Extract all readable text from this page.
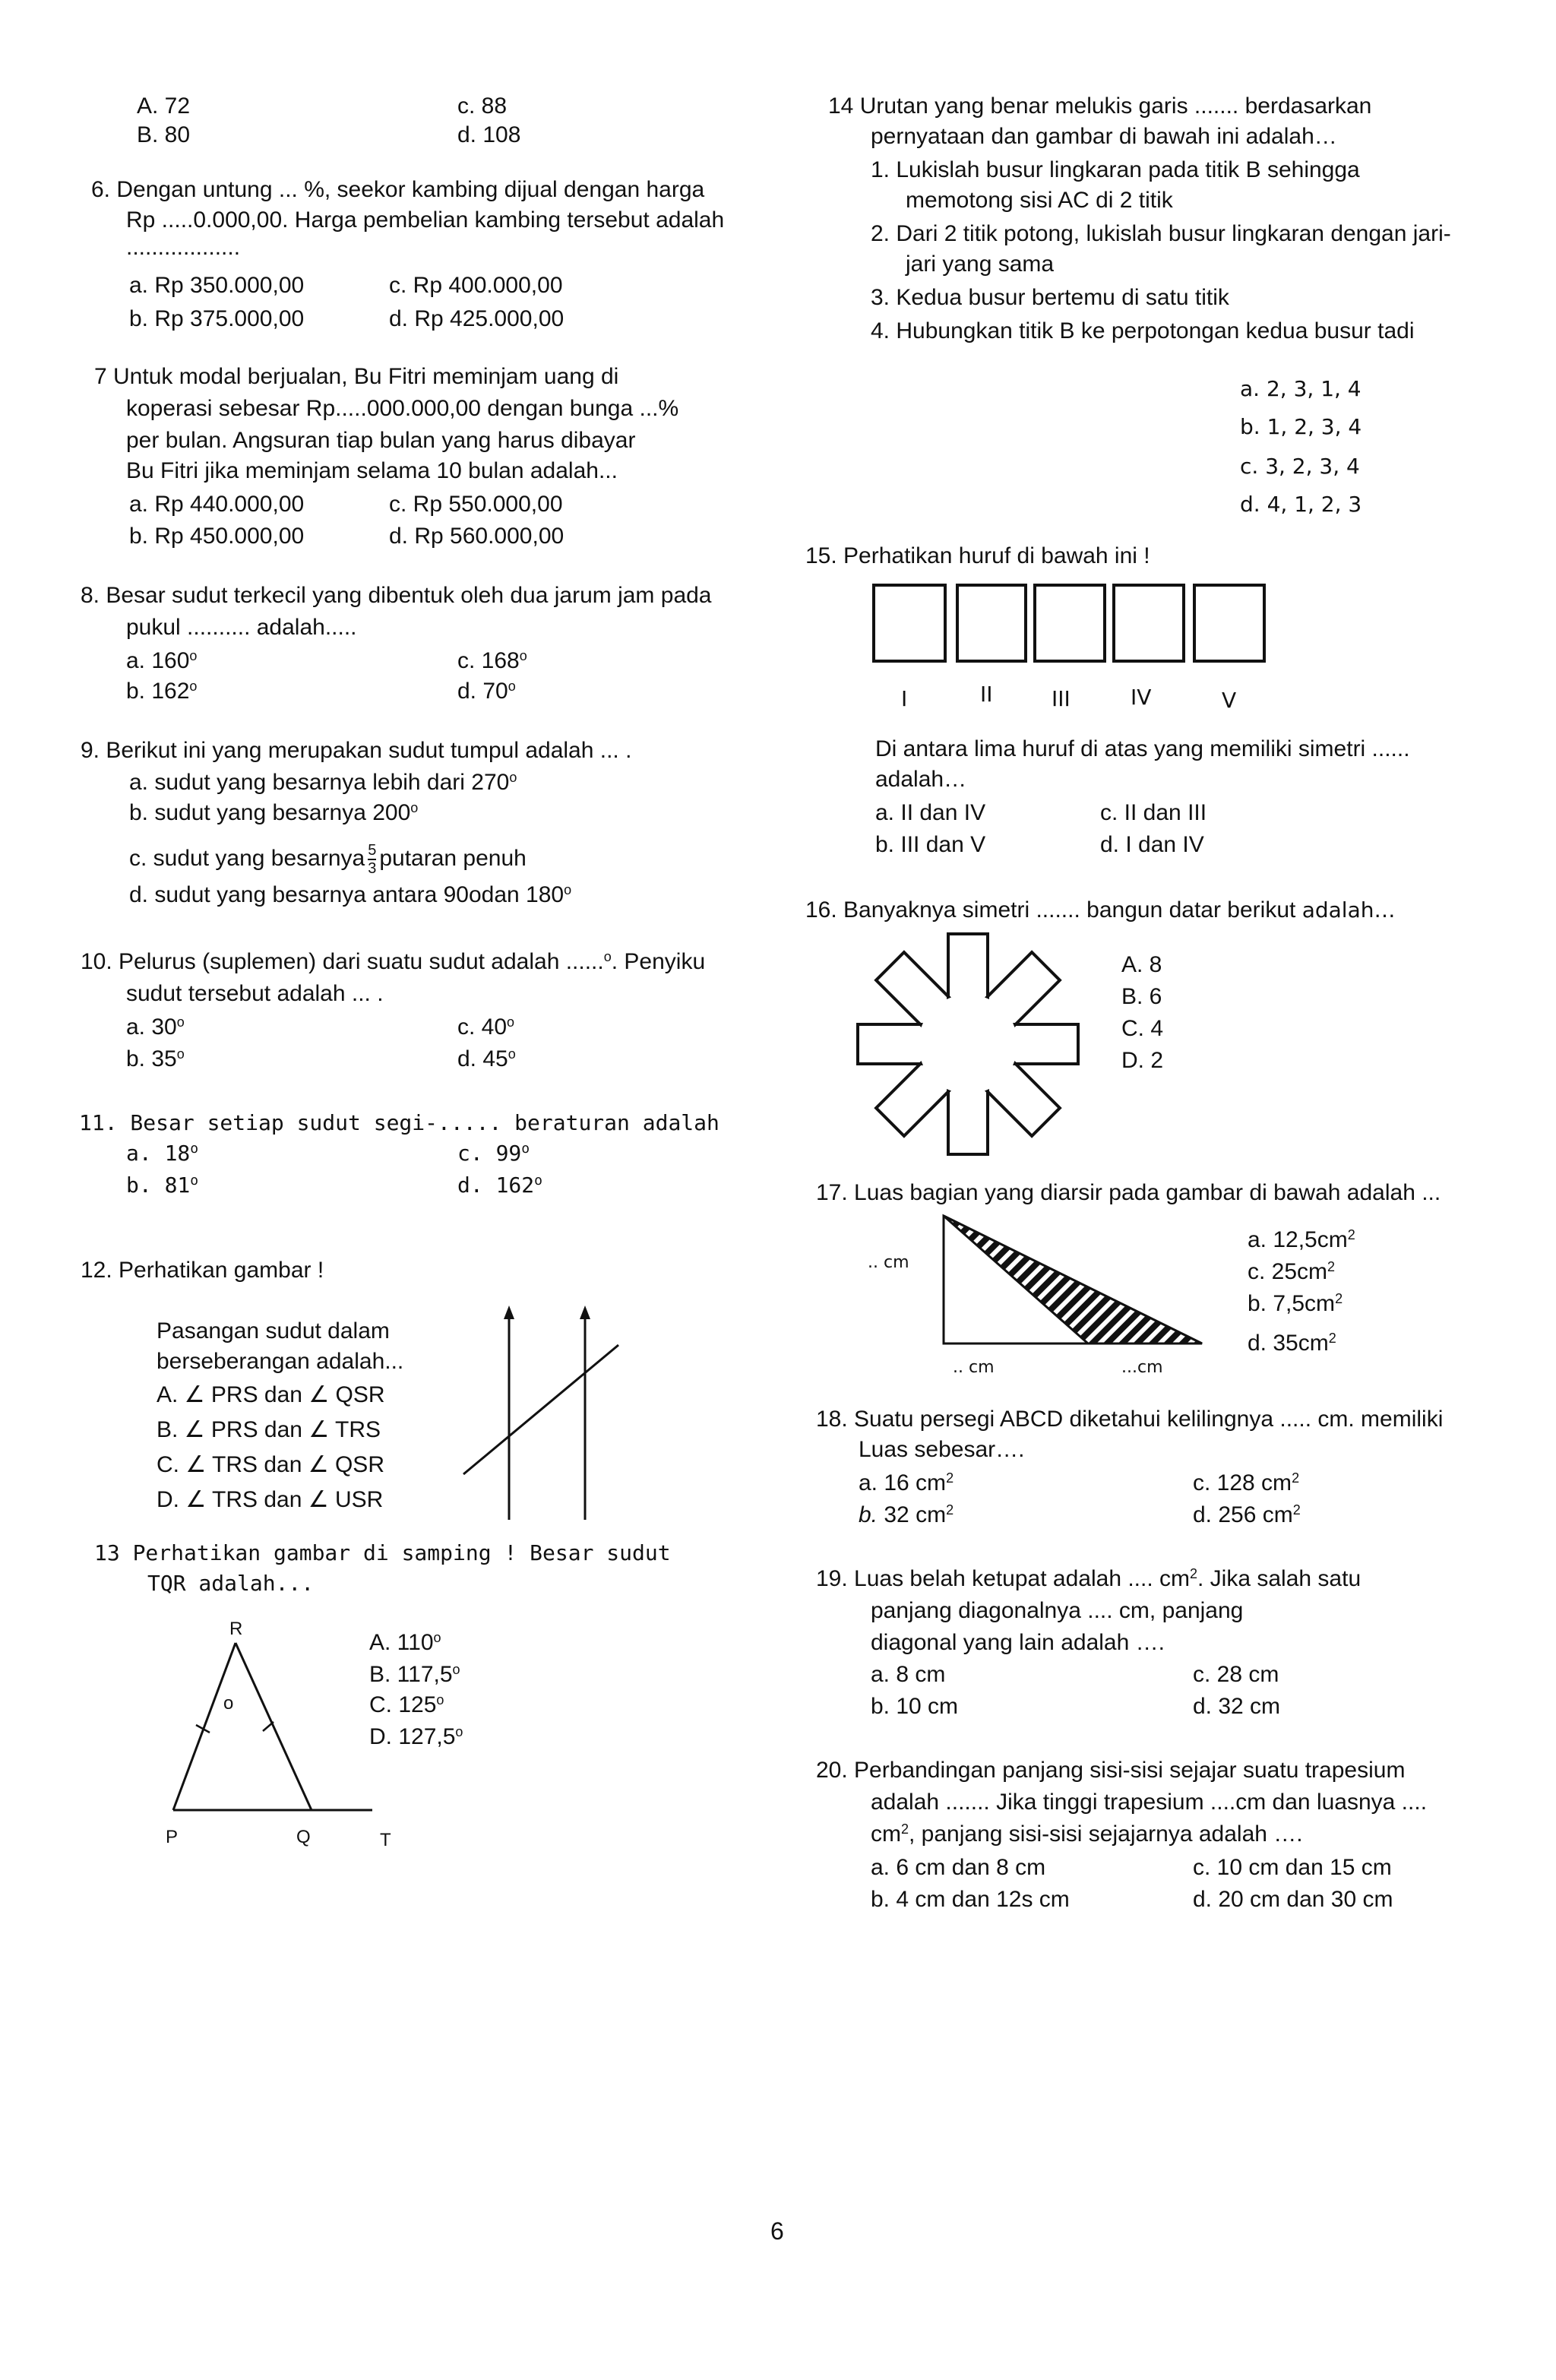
A. 72	c. 88
B. 80	d. 108
6. Dengan untung ... %, seekor kambing dijual dengan harga
Rp .....0.000,00. Harga pembelian kambing tersebut adalah
..................
a. Rp 350.000,00	c. Rp 400.000,00
b. Rp 375.000,00	d. Rp 425.000,00
7 Untuk modal berjualan, Bu Fitri meminjam uang di
koperasi sebesar Rp.....000.000,00 dengan bunga ...%
per bulan. Angsuran tiap bulan yang harus dibayar
Bu Fitri jika meminjam selama 10 bulan adalah...
a. Rp 440.000,00	c. Rp 550.000,00
b. Rp 450.000,00	d. Rp 560.000,00
8. Besar sudut terkecil yang dibentuk oleh dua jarum jam pada
pukul .......... adalah.....
a. 160$^o$	c. 168$^o$
b. 162$^o$	d. 70$^o$
9. Berikut ini yang merupakan sudut tumpul adalah ... .
a. sudut yang besarnya lebih dari 270$^o$
b. sudut yang besarnya 200$^o$
c. sudut yang besarnya $\frac{5}{3}$ putaran penuh
d. sudut yang besarnya antara 90odan 180$^o$
10. Pelurus (suplemen) dari suatu sudut adalah ......$^o$. Penyiku
sudut tersebut adalah ... .
a. 30$^o$	c. 40$^o$
b. 35$^o$	d. 45$^o$
11. Besar setiap sudut segi-..... beraturan adalah
a. 18$^o$	c. 99$^o$
b. 81$^o$	d. 162$^o$
12. Perhatikan gambar !
Pasangan sudut dalam
berseberangan adalah...
A. ∠ PRS dan ∠ QSR
B. ∠ PRS dan ∠ TRS
C. ∠ TRS dan ∠ QSR
D. ∠ TRS dan ∠ USR
13 Perhatikan gambar di samping ! Besar sudut
TQR adalah...
R
o
P	Q	T
A. 110$^o$
B. 117,5$^o$
C. 125$^o$
D. 127,5$^o$
14 Urutan yang benar melukis garis ....... berdasarkan
pernyataan dan gambar di bawah ini adalah…
1. Lukislah busur lingkaran pada titik B sehingga
memotong sisi AC di 2 titik
2. Dari 2 titik potong, lukislah busur lingkaran dengan jari-
jari yang sama
3. Kedua busur bertemu di satu titik
4. Hubungkan titik B ke perpotongan kedua busur tadi
a. 2, 3, 1, 4
b. 1, 2, 3, 4
c. 3, 2, 3, 4
d. 4, 1, 2, 3
15. Perhatikan huruf di bawah ini !
I	II	III	IV	V
Di antara lima huruf di atas yang memiliki simetri ......
adalah…
a. II dan IV	c. II dan III
b. III dan V	d. I dan IV
16. Banyaknya simetri ....... bangun datar berikut adalah…
A. 8
B. 6
C. 4
D. 2
17. Luas bagian yang diarsir pada gambar di bawah adalah ...
.. cm
.. cm	...cm
a. $12,5cm^2$
c. $25cm^2$
b. $7,5cm^2$
d. $35cm^2$
18. Suatu persegi ABCD diketahui kelilingnya ..... cm. memiliki
Luas sebesar….
a. 16 $cm^2$	c. 128 $cm^2$
b. 32 $cm^2$	d. 256 $cm^2$
19. Luas belah ketupat adalah .... $cm^2$. Jika salah satu
panjang diagonalnya .... cm, panjang
diagonal yang lain adalah ….
a. 8 cm	c. 28 cm
b. 10 cm	d. 32 cm
20. Perbandingan panjang sisi-sisi sejajar suatu trapesium
adalah ....... Jika tinggi trapesium ....cm dan luasnya ....
$cm^2$, panjang sisi-sisi sejajarnya adalah ….
a. 6 cm dan 8 cm	c. 10 cm dan 15 cm
b. 4 cm dan 12s cm	d. 20 cm dan 30 cm
6
